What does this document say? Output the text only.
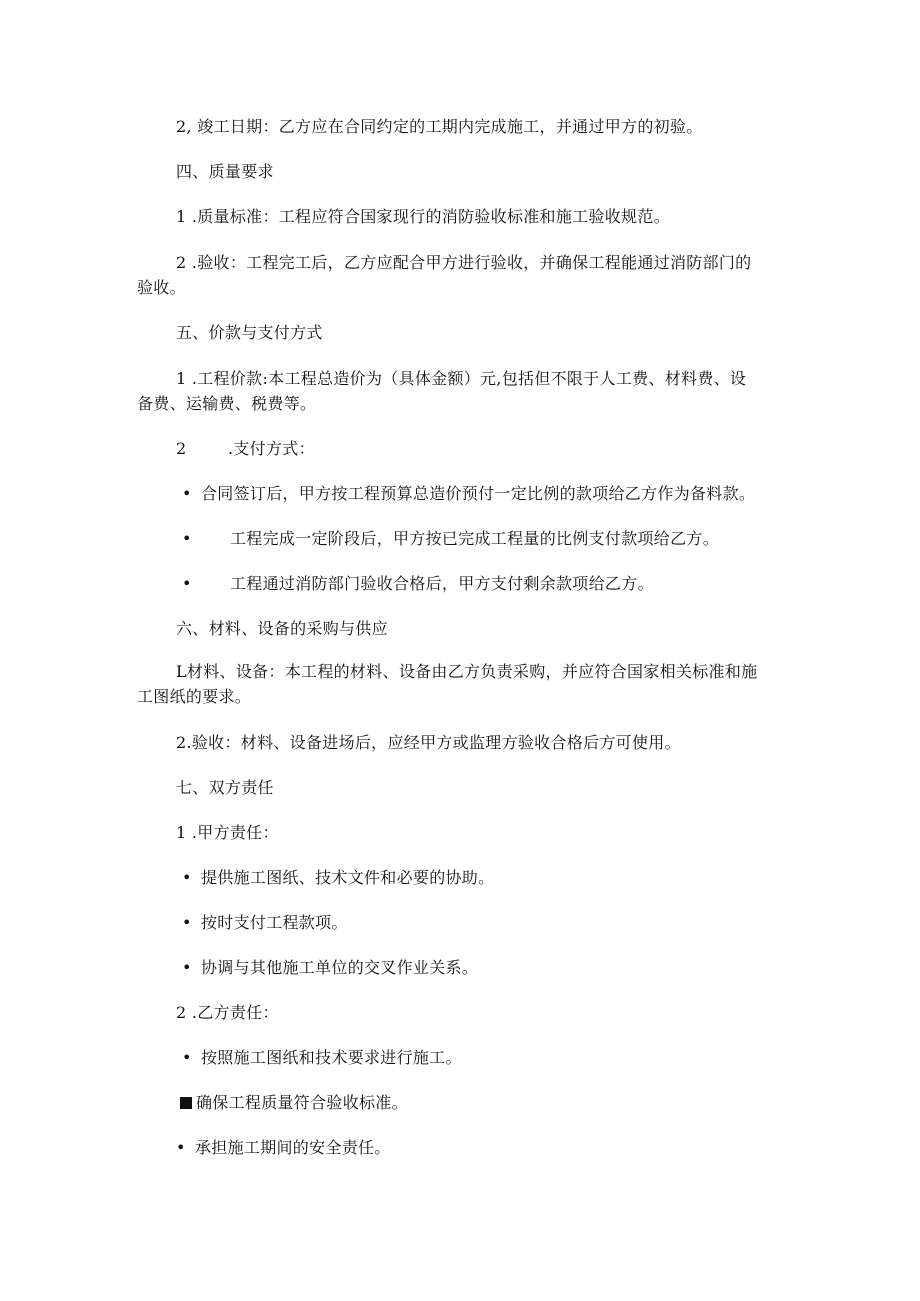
2, 竣工日期：乙方应在合同约定的工期内完成施工，并通过甲方的初验。
四、质量要求
1 .质量标准：工程应符合国家现行的消防验收标准和施工验收规范。
2 .验收：工程完工后，乙方应配合甲方进行验收，并确保工程能通过消防部门的
验收。
五、价款与支付方式
1 .工程价款:本工程总造价为（具体金额）元,包括但不限于人工费、材料费、设
备费、运输费、税费等。
2	.支付方式：
• 合同签订后，甲方按工程预算总造价预付一定比例的款项给乙方作为备料款。
• 工程完成一定阶段后，甲方按已完成工程量的比例支付款项给乙方。
• 工程通过消防部门验收合格后，甲方支付剩余款项给乙方。
六、材料、设备的采购与供应
L材料、设备：本工程的材料、设备由乙方负责采购，并应符合国家相关标准和施
工图纸的要求。
2.验收：材料、设备进场后，应经甲方或监理方验收合格后方可使用。
七、双方责任
1 .甲方责任：
• 提供施工图纸、技术文件和必要的协助。
• 按时支付工程款项。
• 协调与其他施工单位的交叉作业关系。
2 .乙方责任：
• 按照施工图纸和技术要求进行施工。
确保工程质量符合验收标准。
• 承担施工期间的安全责任。
